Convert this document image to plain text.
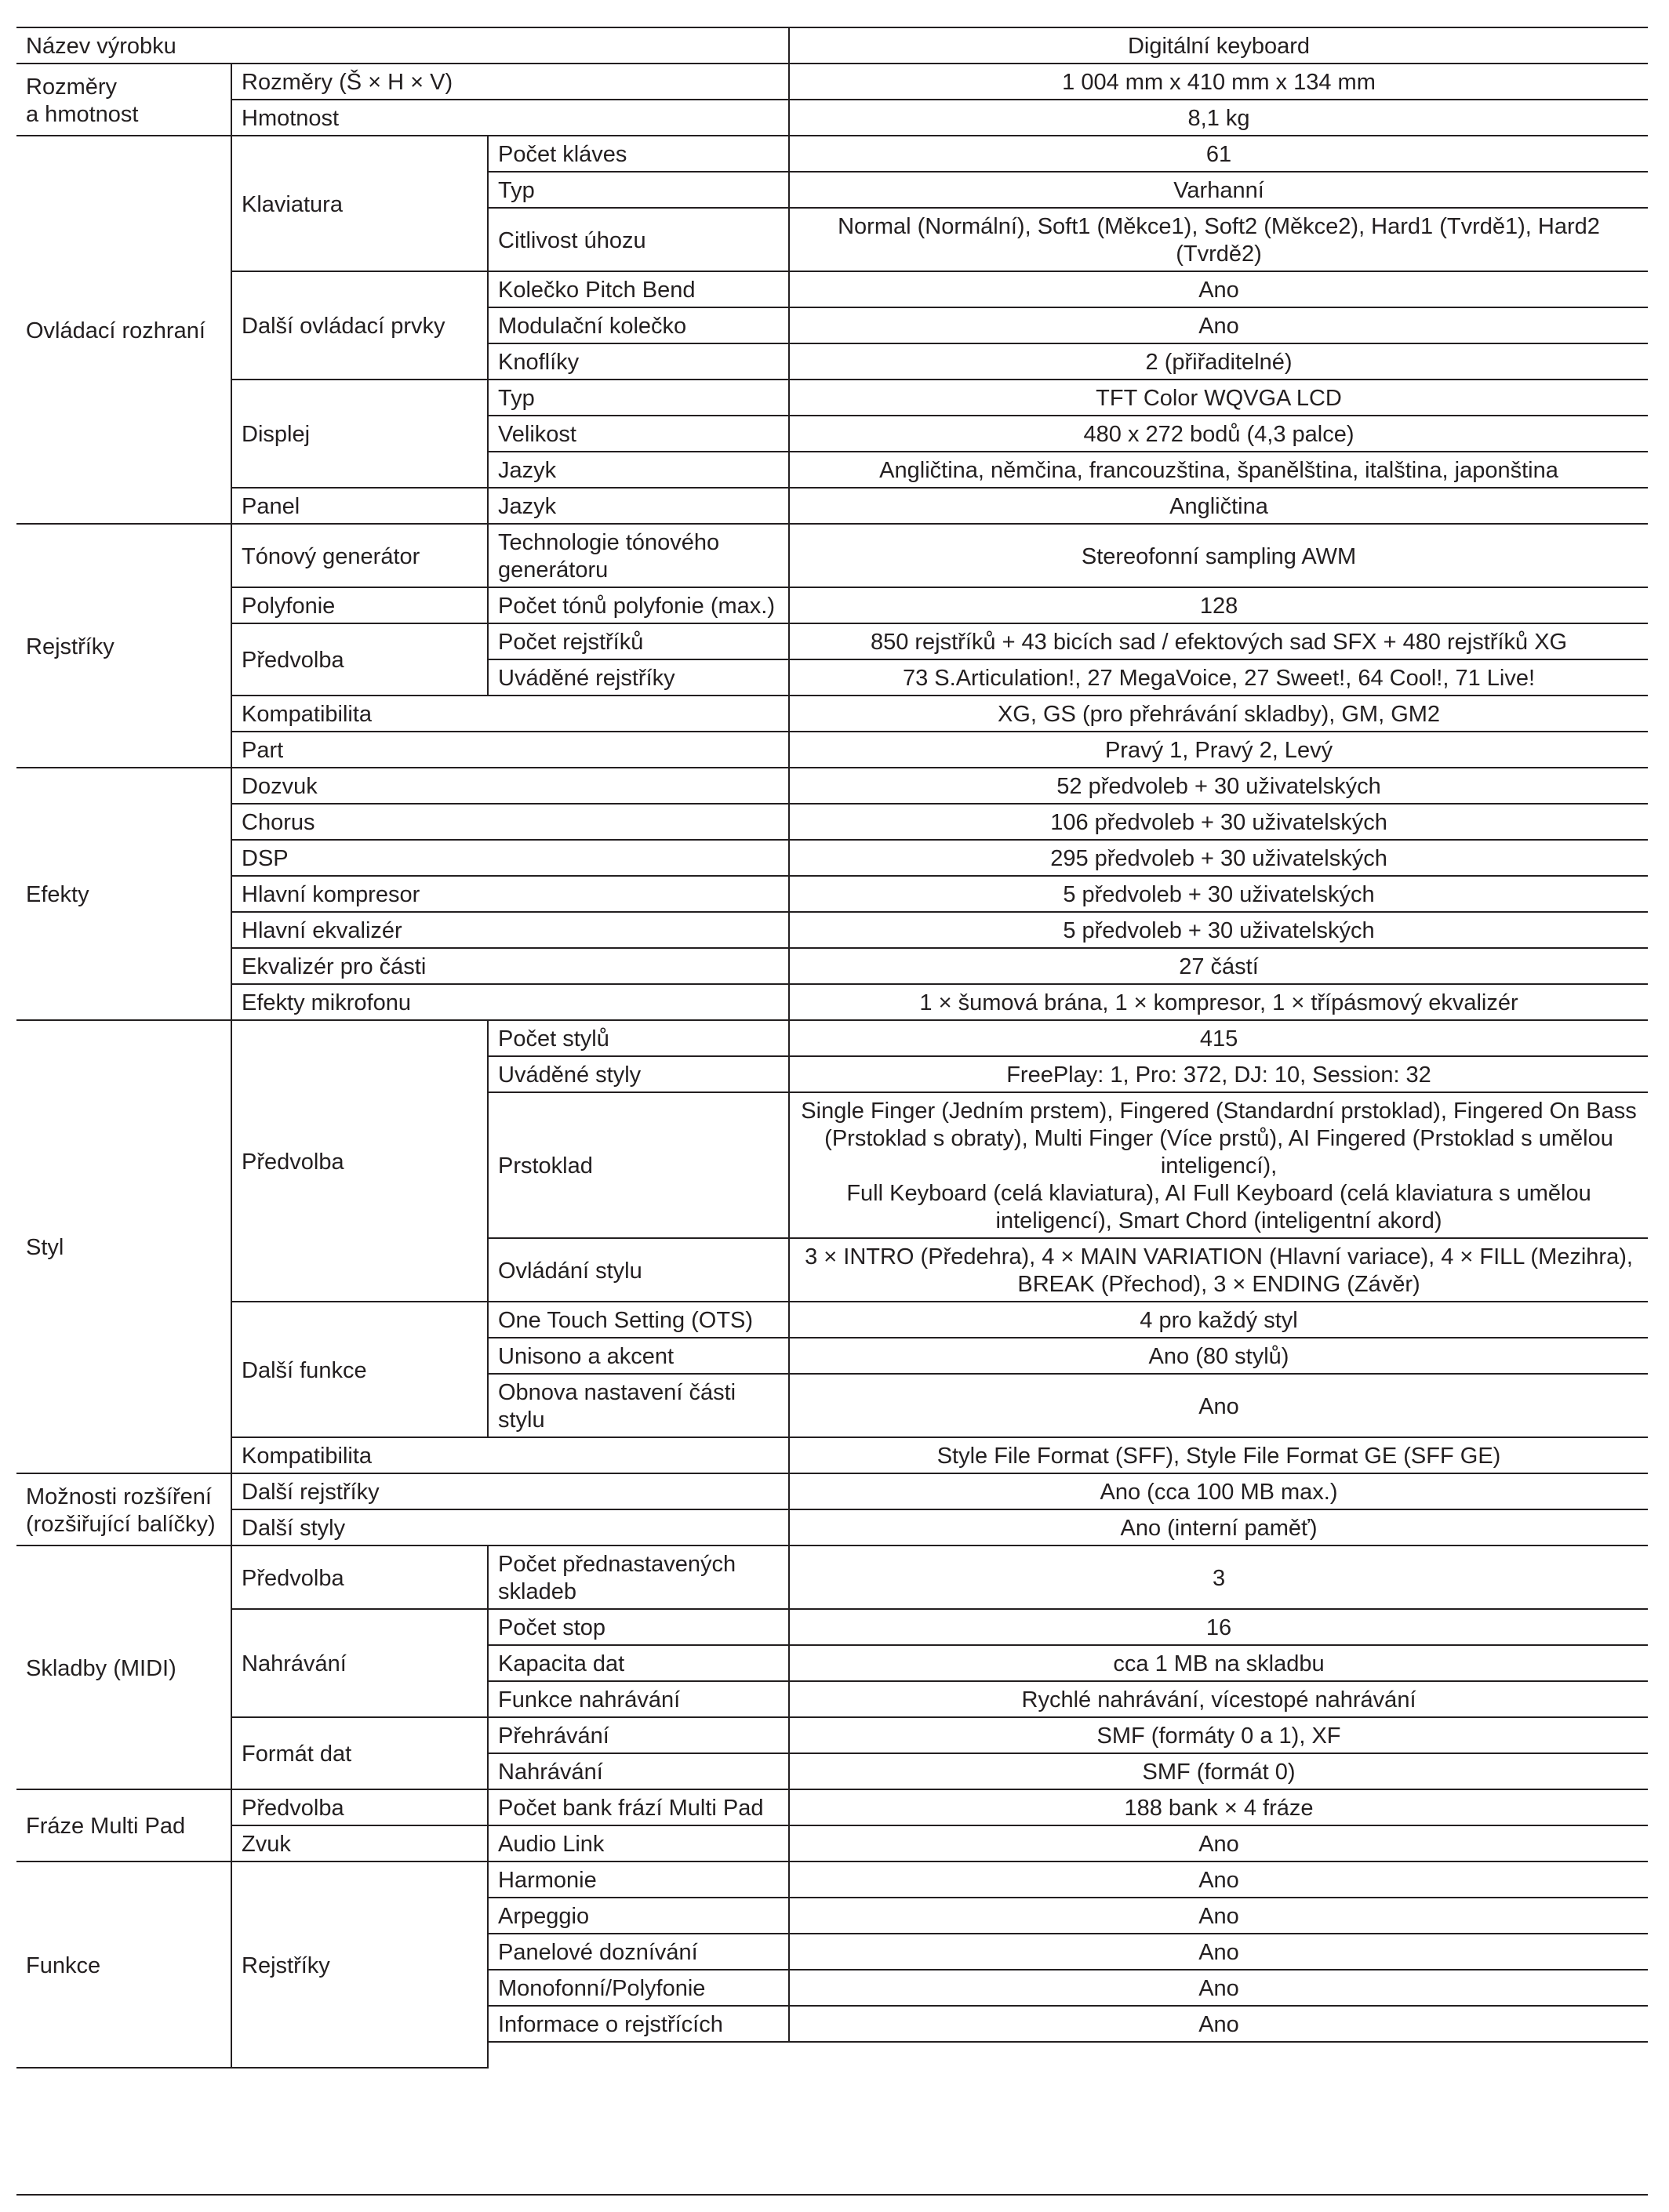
Název výrobku			Digitální keyboard
Rozměry
a hmotnost	Rozměry (Š × H × V)		1 004 mm x 410 mm x 134 mm
	Hmotnost		8,1 kg
Ovládací rozhraní	Klaviatura	Počet kláves	61
		Typ	Varhanní
		Citlivost úhozu	Normal (Normální), Soft1 (Měkce1), Soft2 (Měkce2), Hard1 (Tvrdě1), Hard2 (Tvrdě2)
	Další ovládací prvky	Kolečko Pitch Bend	Ano
		Modulační kolečko	Ano
		Knoflíky	2 (přiřaditelné)
	Displej	Typ	TFT Color WQVGA LCD
		Velikost	480 x 272 bodů (4,3 palce)
		Jazyk	Angličtina, němčina, francouzština, španělština, italština, japonština
	Panel	Jazyk	Angličtina
Rejstříky	Tónový generátor	Technologie tónového generátoru	Stereofonní sampling AWM
	Polyfonie	Počet tónů polyfonie (max.)	128
	Předvolba	Počet rejstříků	850 rejstříků + 43 bicích sad / efektových sad SFX + 480 rejstříků XG
		Uváděné rejstříky	73 S.Articulation!, 27 MegaVoice, 27 Sweet!, 64 Cool!, 71 Live!
	Kompatibilita		XG, GS (pro přehrávání skladby), GM, GM2
	Part		Pravý 1, Pravý 2, Levý
Efekty	Dozvuk		52 předvoleb + 30 uživatelských
	Chorus		106 předvoleb + 30 uživatelských
	DSP		295 předvoleb + 30 uživatelských
	Hlavní kompresor		5 předvoleb + 30 uživatelských
	Hlavní ekvalizér		5 předvoleb + 30 uživatelských
	Ekvalizér pro části		27 částí
	Efekty mikrofonu		1 × šumová brána, 1 × kompresor, 1 × třípásmový ekvalizér
Styl	Předvolba	Počet stylů	415
		Uváděné styly	FreePlay: 1, Pro: 372, DJ: 10, Session: 32
		Prstoklad	Single Finger (Jedním prstem), Fingered (Standardní prstoklad), Fingered On Bass (Prstoklad s obraty), Multi Finger (Více prstů), AI Fingered (Prstoklad s umělou inteligencí),
Full Keyboard (celá klaviatura), AI Full Keyboard (celá klaviatura s umělou inteligencí), Smart Chord (inteligentní akord)
		Ovládání stylu	3 × INTRO (Předehra), 4 × MAIN VARIATION (Hlavní variace), 4 × FILL (Mezihra), BREAK (Přechod), 3 × ENDING (Závěr)
	Další funkce	One Touch Setting (OTS)	4 pro každý styl
		Unisono a akcent	Ano (80 stylů)
		Obnova nastavení části stylu	Ano
	Kompatibilita		Style File Format (SFF), Style File Format GE (SFF GE)
Možnosti rozšíření (rozšiřující balíčky)	Další rejstříky		Ano (cca 100 MB max.)
	Další styly		Ano (interní paměť)
Skladby (MIDI)	Předvolba	Počet přednastavených skladeb	3
	Nahrávání	Počet stop	16
		Kapacita dat	cca 1 MB na skladbu
		Funkce nahrávání	Rychlé nahrávání, vícestopé nahrávání
	Formát dat	Přehrávání	SMF (formáty 0 a 1), XF
		Nahrávání	SMF (formát 0)
Fráze Multi Pad	Předvolba	Počet bank frází Multi Pad	188 bank × 4 fráze
	Zvuk	Audio Link	Ano
Funkce	Rejstříky	Harmonie	Ano
		Arpeggio	Ano
		Panelové doznívání	Ano
		Monofonní/Polyfonie	Ano
		Informace o rejstřících	Ano
